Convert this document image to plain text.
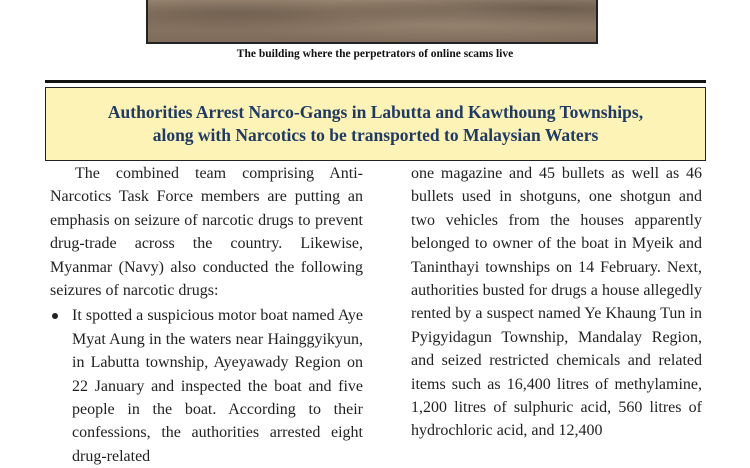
The building where the perpetrators of online scams live
Authorities Arrest Narco-Gangs in Labutta and Kawthoung Townships,
along with Narcotics to be transported to Malaysian Waters

The combined team comprising Anti-Narcotics Task Force members are putting an emphasis on seizure of narcotic drugs to prevent drug-trade across the country. Likewise, Myanmar (Navy) also conducted the following seizures of narcotic drugs:

It spotted a suspicious motor boat named Aye Myat Aung in the waters near Hainggyikyun, in Labutta township, Ayeyawady Region on 22 January and inspected the boat and five people in the boat. According to their confessions, the authorities arrested eight drug-related

one magazine and 45 bullets as well as 46 bullets used in shotguns, one shotgun and two vehicles from the houses apparently belonged to owner of the boat in Myeik and Taninthayi townships on 14 February. Next, authorities busted for drugs a house allegedly rented by a suspect named Ye Khaung Tun in Pyigyidagun Township, Mandalay Region, and seized restricted chemicals and related items such as 16,400 litres of methylamine, 1,200 litres of sulphuric acid, 560 litres of hydrochloric acid, and 12,400
